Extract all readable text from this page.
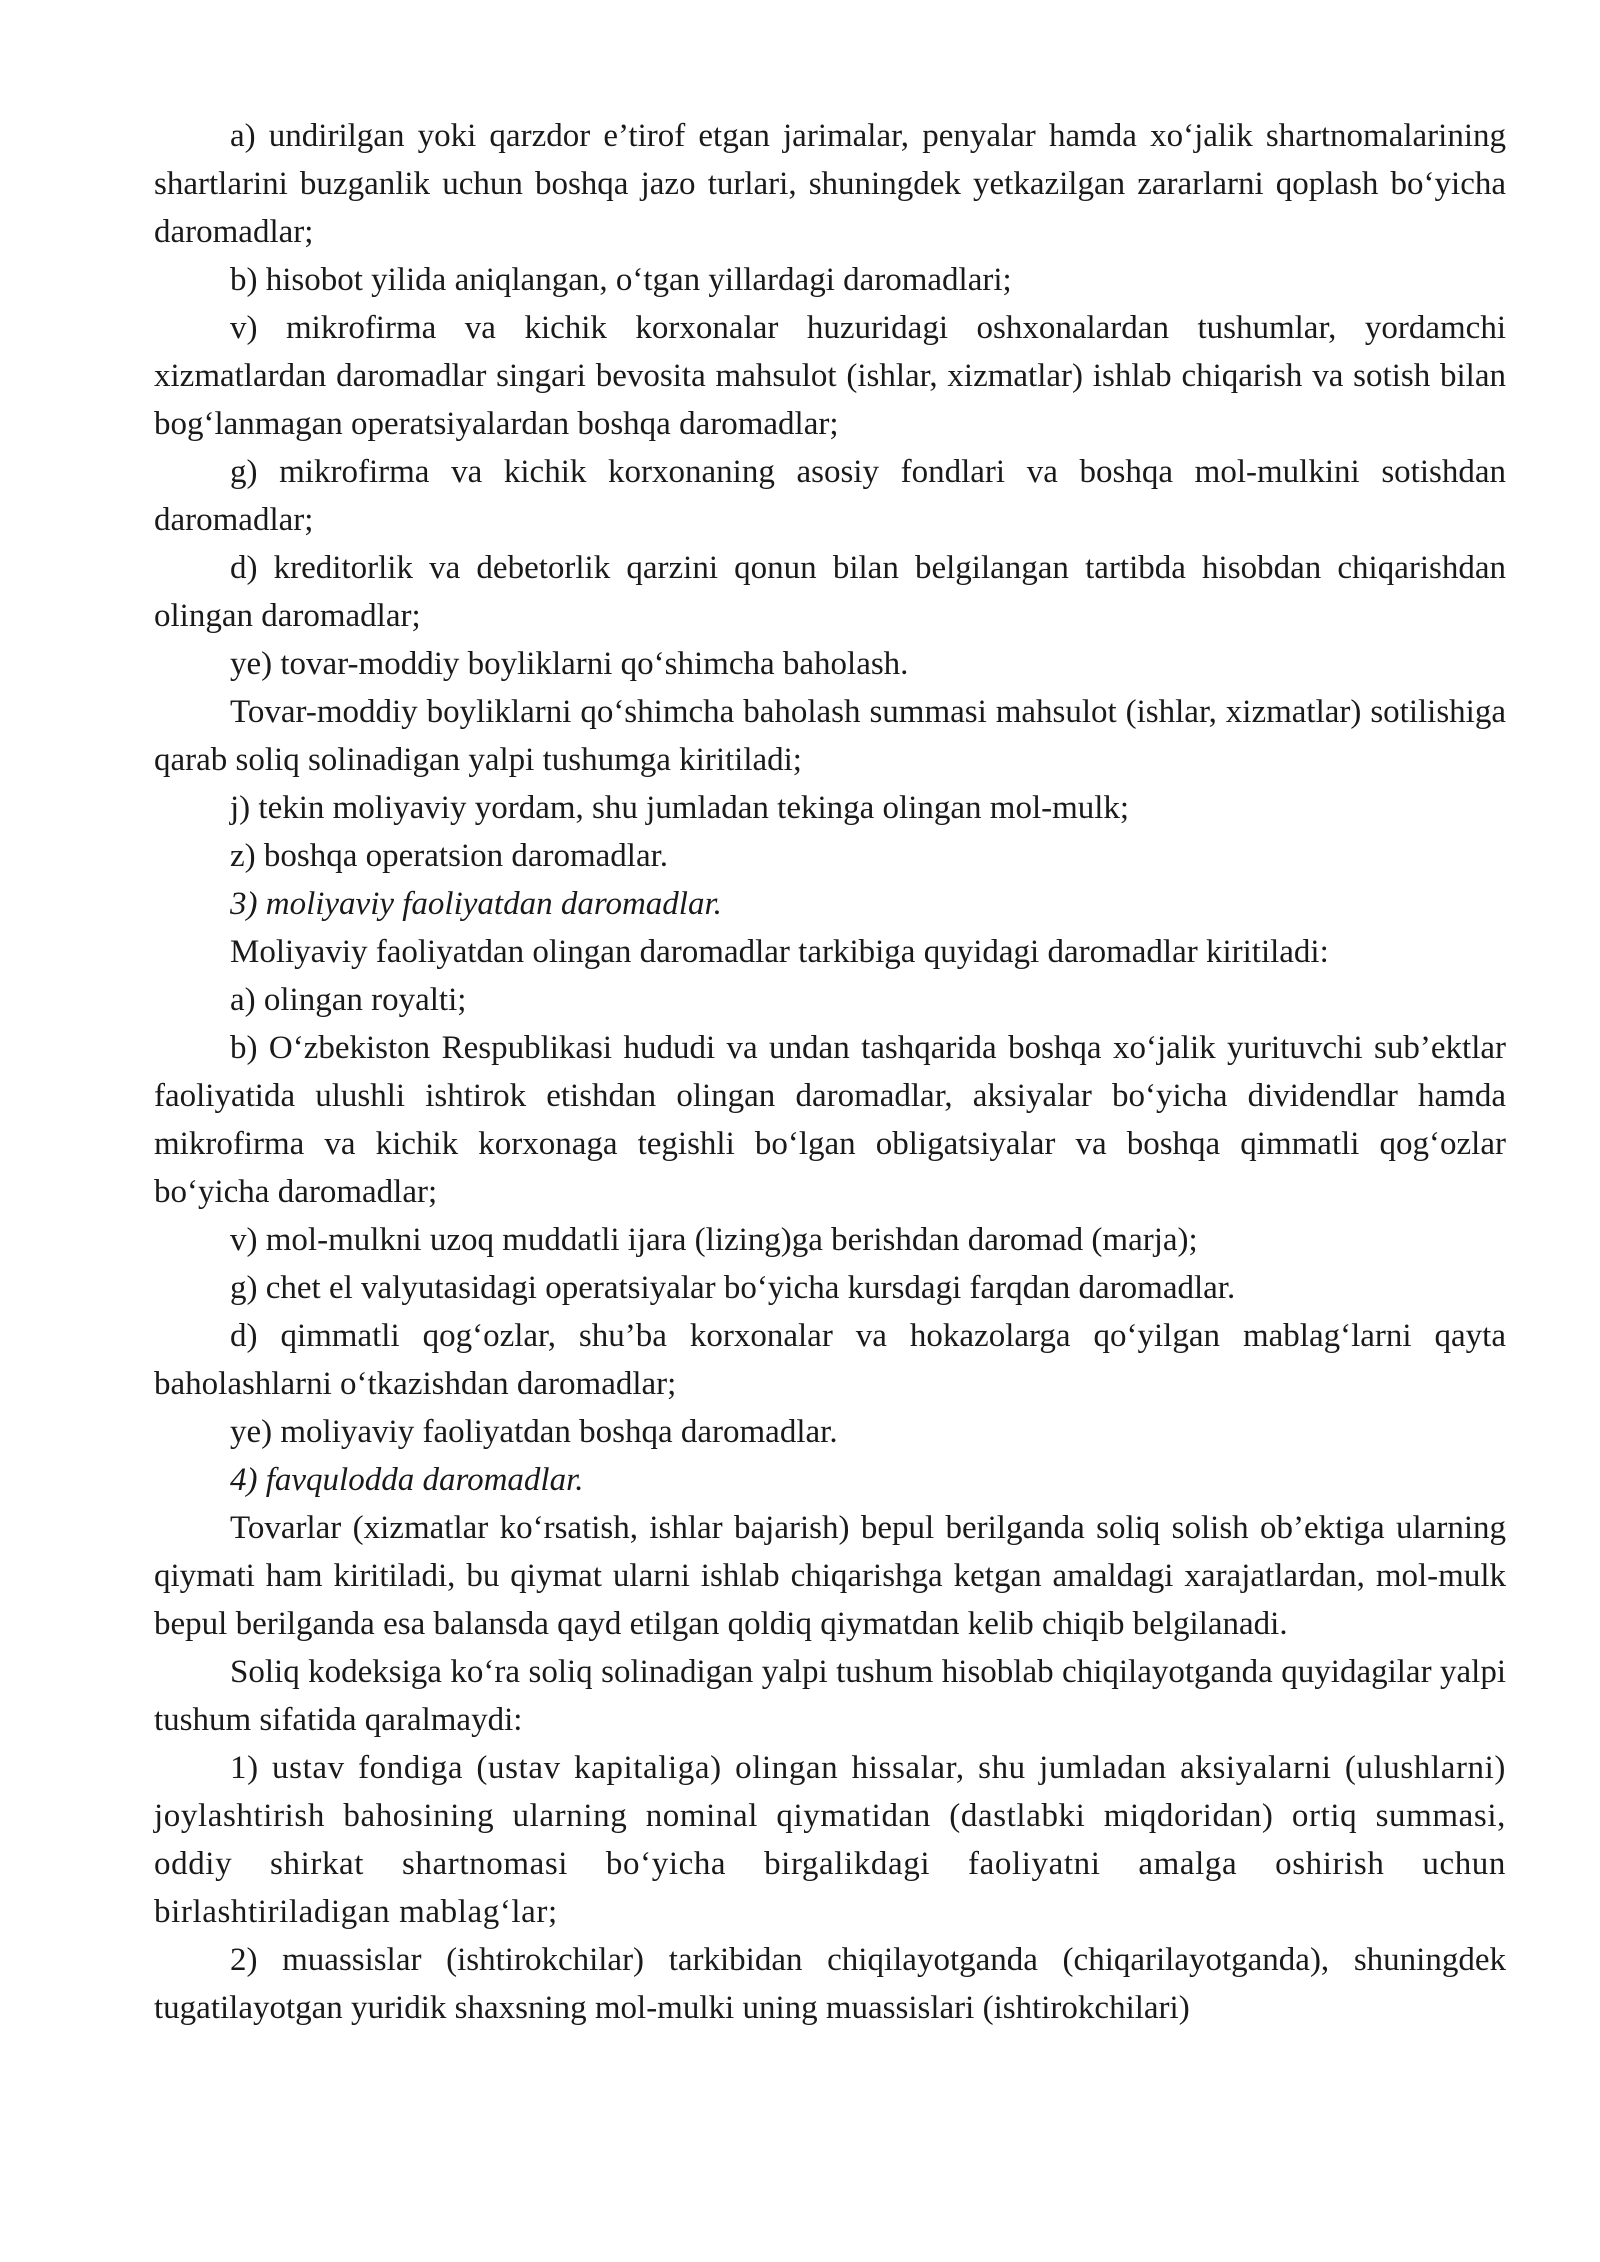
a) undirilgan yoki qarzdor e’tirof etgan jarimalar, penyalar hamda xo‘jalik shartnomalarining shartlarini buzganlik uchun boshqa jazo turlari, shuningdek yetkazilgan zararlarni qoplash bo‘yicha daromadlar;

b) hisobot yilida aniqlangan, o‘tgan yillardagi daromadlari;

v) mikrofirma va kichik korxonalar huzuridagi oshxonalardan tushumlar, yordamchi xizmatlardan daromadlar singari bevosita mahsulot (ishlar, xizmatlar) ishlab chiqarish va sotish bilan bog‘lanmagan operatsiyalardan boshqa daromadlar;

g) mikrofirma va kichik korxonaning asosiy fondlari va boshqa mol-mulkini sotishdan daromadlar;

d) kreditorlik va debetorlik qarzini qonun bilan belgilangan tartibda hisobdan chiqarishdan olingan daromadlar;

ye) tovar-moddiy boyliklarni qo‘shimcha baholash.

Tovar-moddiy boyliklarni qo‘shimcha baholash summasi mahsulot (ishlar, xizmatlar) sotilishiga qarab soliq solinadigan yalpi tushumga kiritiladi;

j) tekin moliyaviy yordam, shu jumladan tekinga olingan mol-mulk;

z) boshqa operatsion daromadlar.

3) moliyaviy faoliyatdan daromadlar.

Moliyaviy faoliyatdan olingan daromadlar tarkibiga quyidagi daromadlar kiritiladi:

a) olingan royalti;

b) O‘zbekiston Respublikasi hududi va undan tashqarida boshqa xo‘jalik yurituvchi sub’ektlar faoliyatida ulushli ishtirok etishdan olingan daromadlar, aksiyalar bo‘yicha dividendlar hamda mikrofirma va kichik korxonaga tegishli bo‘lgan obligatsiyalar va boshqa qimmatli qog‘ozlar bo‘yicha daromadlar;

v) mol-mulkni uzoq muddatli ijara (lizing)ga berishdan daromad (marja);

g) chet el valyutasidagi operatsiyalar bo‘yicha kursdagi farqdan daromadlar.

d) qimmatli qog‘ozlar, shu’ba korxonalar va hokazolarga qo‘yilgan mablag‘larni qayta baholashlarni o‘tkazishdan daromadlar;

ye) moliyaviy faoliyatdan boshqa daromadlar.

4) favqulodda daromadlar.

Tovarlar (xizmatlar ko‘rsatish, ishlar bajarish) bepul berilganda soliq solish ob’ektiga ularning qiymati ham kiritiladi, bu qiymat ularni ishlab chiqarishga ketgan amaldagi xarajatlardan, mol-mulk bepul berilganda esa balansda qayd etilgan qoldiq qiymatdan kelib chiqib belgilanadi.

Soliq kodeksiga ko‘ra soliq solinadigan yalpi tushum hisoblab chiqilayotganda quyidagilar yalpi tushum sifatida qaralmaydi:

1) ustav fondiga (ustav kapitaliga) olingan hissalar, shu jumladan aksiyalarni (ulushlarni) joylashtirish bahosining ularning nominal qiymatidan (dastlabki miqdoridan) ortiq summasi, oddiy shirkat shartnomasi bo‘yicha birgalikdagi faoliyatni amalga oshirish uchun birlashtiriladigan mablag‘lar;

2) muassislar (ishtirokchilar) tarkibidan chiqilayotganda (chiqarilayotganda), shuningdek tugatilayotgan yuridik shaxsning mol-mulki uning muassislari (ishtirokchilari)
